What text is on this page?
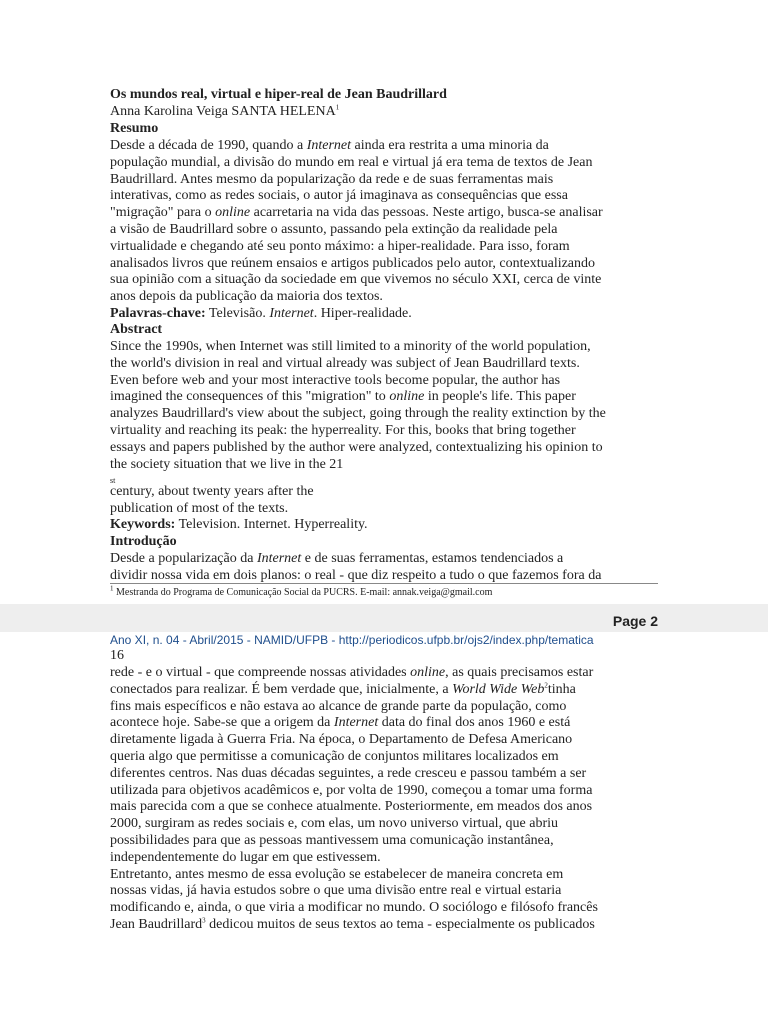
Os mundos real, virtual e hiper-real de Jean Baudrillard
Anna Karolina Veiga SANTA HELENA$^1$
Resumo
Desde a década de 1990, quando a Internet ainda era restrita a uma minoria da
população mundial, a divisão do mundo em real e virtual já era tema de textos de Jean
Baudrillard. Antes mesmo da popularização da rede e de suas ferramentas mais
interativas, como as redes sociais, o autor já imaginava as consequências que essa
"migração" para o online acarretaria na vida das pessoas. Neste artigo, busca-se analisar
a visão de Baudrillard sobre o assunto, passando pela extinção da realidade pela
virtualidade e chegando até seu ponto máximo: a hiper-realidade. Para isso, foram
analisados livros que reúnem ensaios e artigos publicados pelo autor, contextualizando
sua opinião com a situação da sociedade em que vivemos no século XXI, cerca de vinte
anos depois da publicação da maioria dos textos.
Palavras-chave: Televisão. Internet. Hiper-realidade.
Abstract
Since the 1990s, when Internet was still limited to a minority of the world population,
the world's division in real and virtual already was subject of Jean Baudrillard texts.
Even before web and your most interactive tools become popular, the author has
imagined the consequences of this "migration" to online in people's life. This paper
analyzes Baudrillard's view about the subject, going through the reality extinction by the
virtuality and reaching its peak: the hyperreality. For this, books that bring together
essays and papers published by the author were analyzed, contextualizing his opinion to
the society situation that we live in the 21
st
century, about twenty years after the
publication of most of the texts.
Keywords: Television. Internet. Hyperreality.
Introdução
Desde a popularização da Internet e de suas ferramentas, estamos tendenciados a
dividir nossa vida em dois planos: o real - que diz respeito a tudo o que fazemos fora da
$^1$ Mestranda do Programa de Comunicação Social da PUCRS. E-mail: annak.veiga@gmail.com
Page 2
Ano XI, n. 04 - Abril/2015 - NAMID/UFPB - http://periodicos.ufpb.br/ojs2/index.php/tematica
16
rede - e o virtual - que compreende nossas atividades online, as quais precisamos estar
conectados para realizar. É bem verdade que, inicialmente, a World Wide Web$^2$tinha
fins mais específicos e não estava ao alcance de grande parte da população, como
acontece hoje. Sabe-se que a origem da Internet data do final dos anos 1960 e está
diretamente ligada à Guerra Fria. Na época, o Departamento de Defesa Americano
queria algo que permitisse a comunicação de conjuntos militares localizados em
diferentes centros. Nas duas décadas seguintes, a rede cresceu e passou também a ser
utilizada para objetivos acadêmicos e, por volta de 1990, começou a tomar uma forma
mais parecida com a que se conhece atualmente. Posteriormente, em meados dos anos
2000, surgiram as redes sociais e, com elas, um novo universo virtual, que abriu
possibilidades para que as pessoas mantivessem uma comunicação instantânea,
independentemente do lugar em que estivessem.
Entretanto, antes mesmo de essa evolução se estabelecer de maneira concreta em
nossas vidas, já havia estudos sobre o que uma divisão entre real e virtual estaria
modificando e, ainda, o que viria a modificar no mundo. O sociólogo e filósofo francês
Jean Baudrillard$^3$ dedicou muitos de seus textos ao tema - especialmente os publicados
